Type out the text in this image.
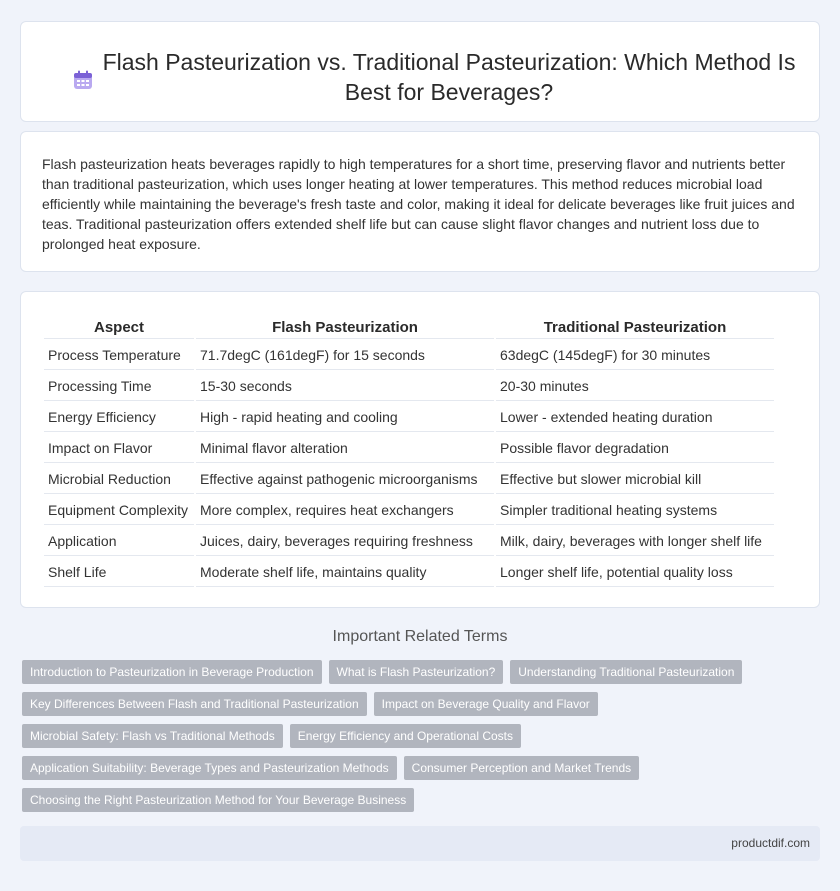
Flash Pasteurization vs. Traditional Pasteurization: Which Method Is Best for Beverages?

Flash pasteurization heats beverages rapidly to high temperatures for a short time, preserving flavor and nutrients better than traditional pasteurization, which uses longer heating at lower temperatures. This method reduces microbial load efficiently while maintaining the beverage's fresh taste and color, making it ideal for delicate beverages like fruit juices and teas. Traditional pasteurization offers extended shelf life but can cause slight flavor changes and nutrient loss due to prolonged heat exposure.

Aspect	Flash Pasteurization	Traditional Pasteurization
Process Temperature	71.7degC (161degF) for 15 seconds	63degC (145degF) for 30 minutes
Processing Time	15-30 seconds	20-30 minutes
Energy Efficiency	High - rapid heating and cooling	Lower - extended heating duration
Impact on Flavor	Minimal flavor alteration	Possible flavor degradation
Microbial Reduction	Effective against pathogenic microorganisms	Effective but slower microbial kill
Equipment Complexity	More complex, requires heat exchangers	Simpler traditional heating systems
Application	Juices, dairy, beverages requiring freshness	Milk, dairy, beverages with longer shelf life
Shelf Life	Moderate shelf life, maintains quality	Longer shelf life, potential quality loss
Important Related Terms
Introduction to Pasteurization in Beverage Production	What is Flash Pasteurization?	Understanding Traditional Pasteurization
Key Differences Between Flash and Traditional Pasteurization	Impact on Beverage Quality and Flavor
Microbial Safety: Flash vs Traditional Methods	Energy Efficiency and Operational Costs
Application Suitability: Beverage Types and Pasteurization Methods	Consumer Perception and Market Trends
Choosing the Right Pasteurization Method for Your Beverage Business
productdif.com
